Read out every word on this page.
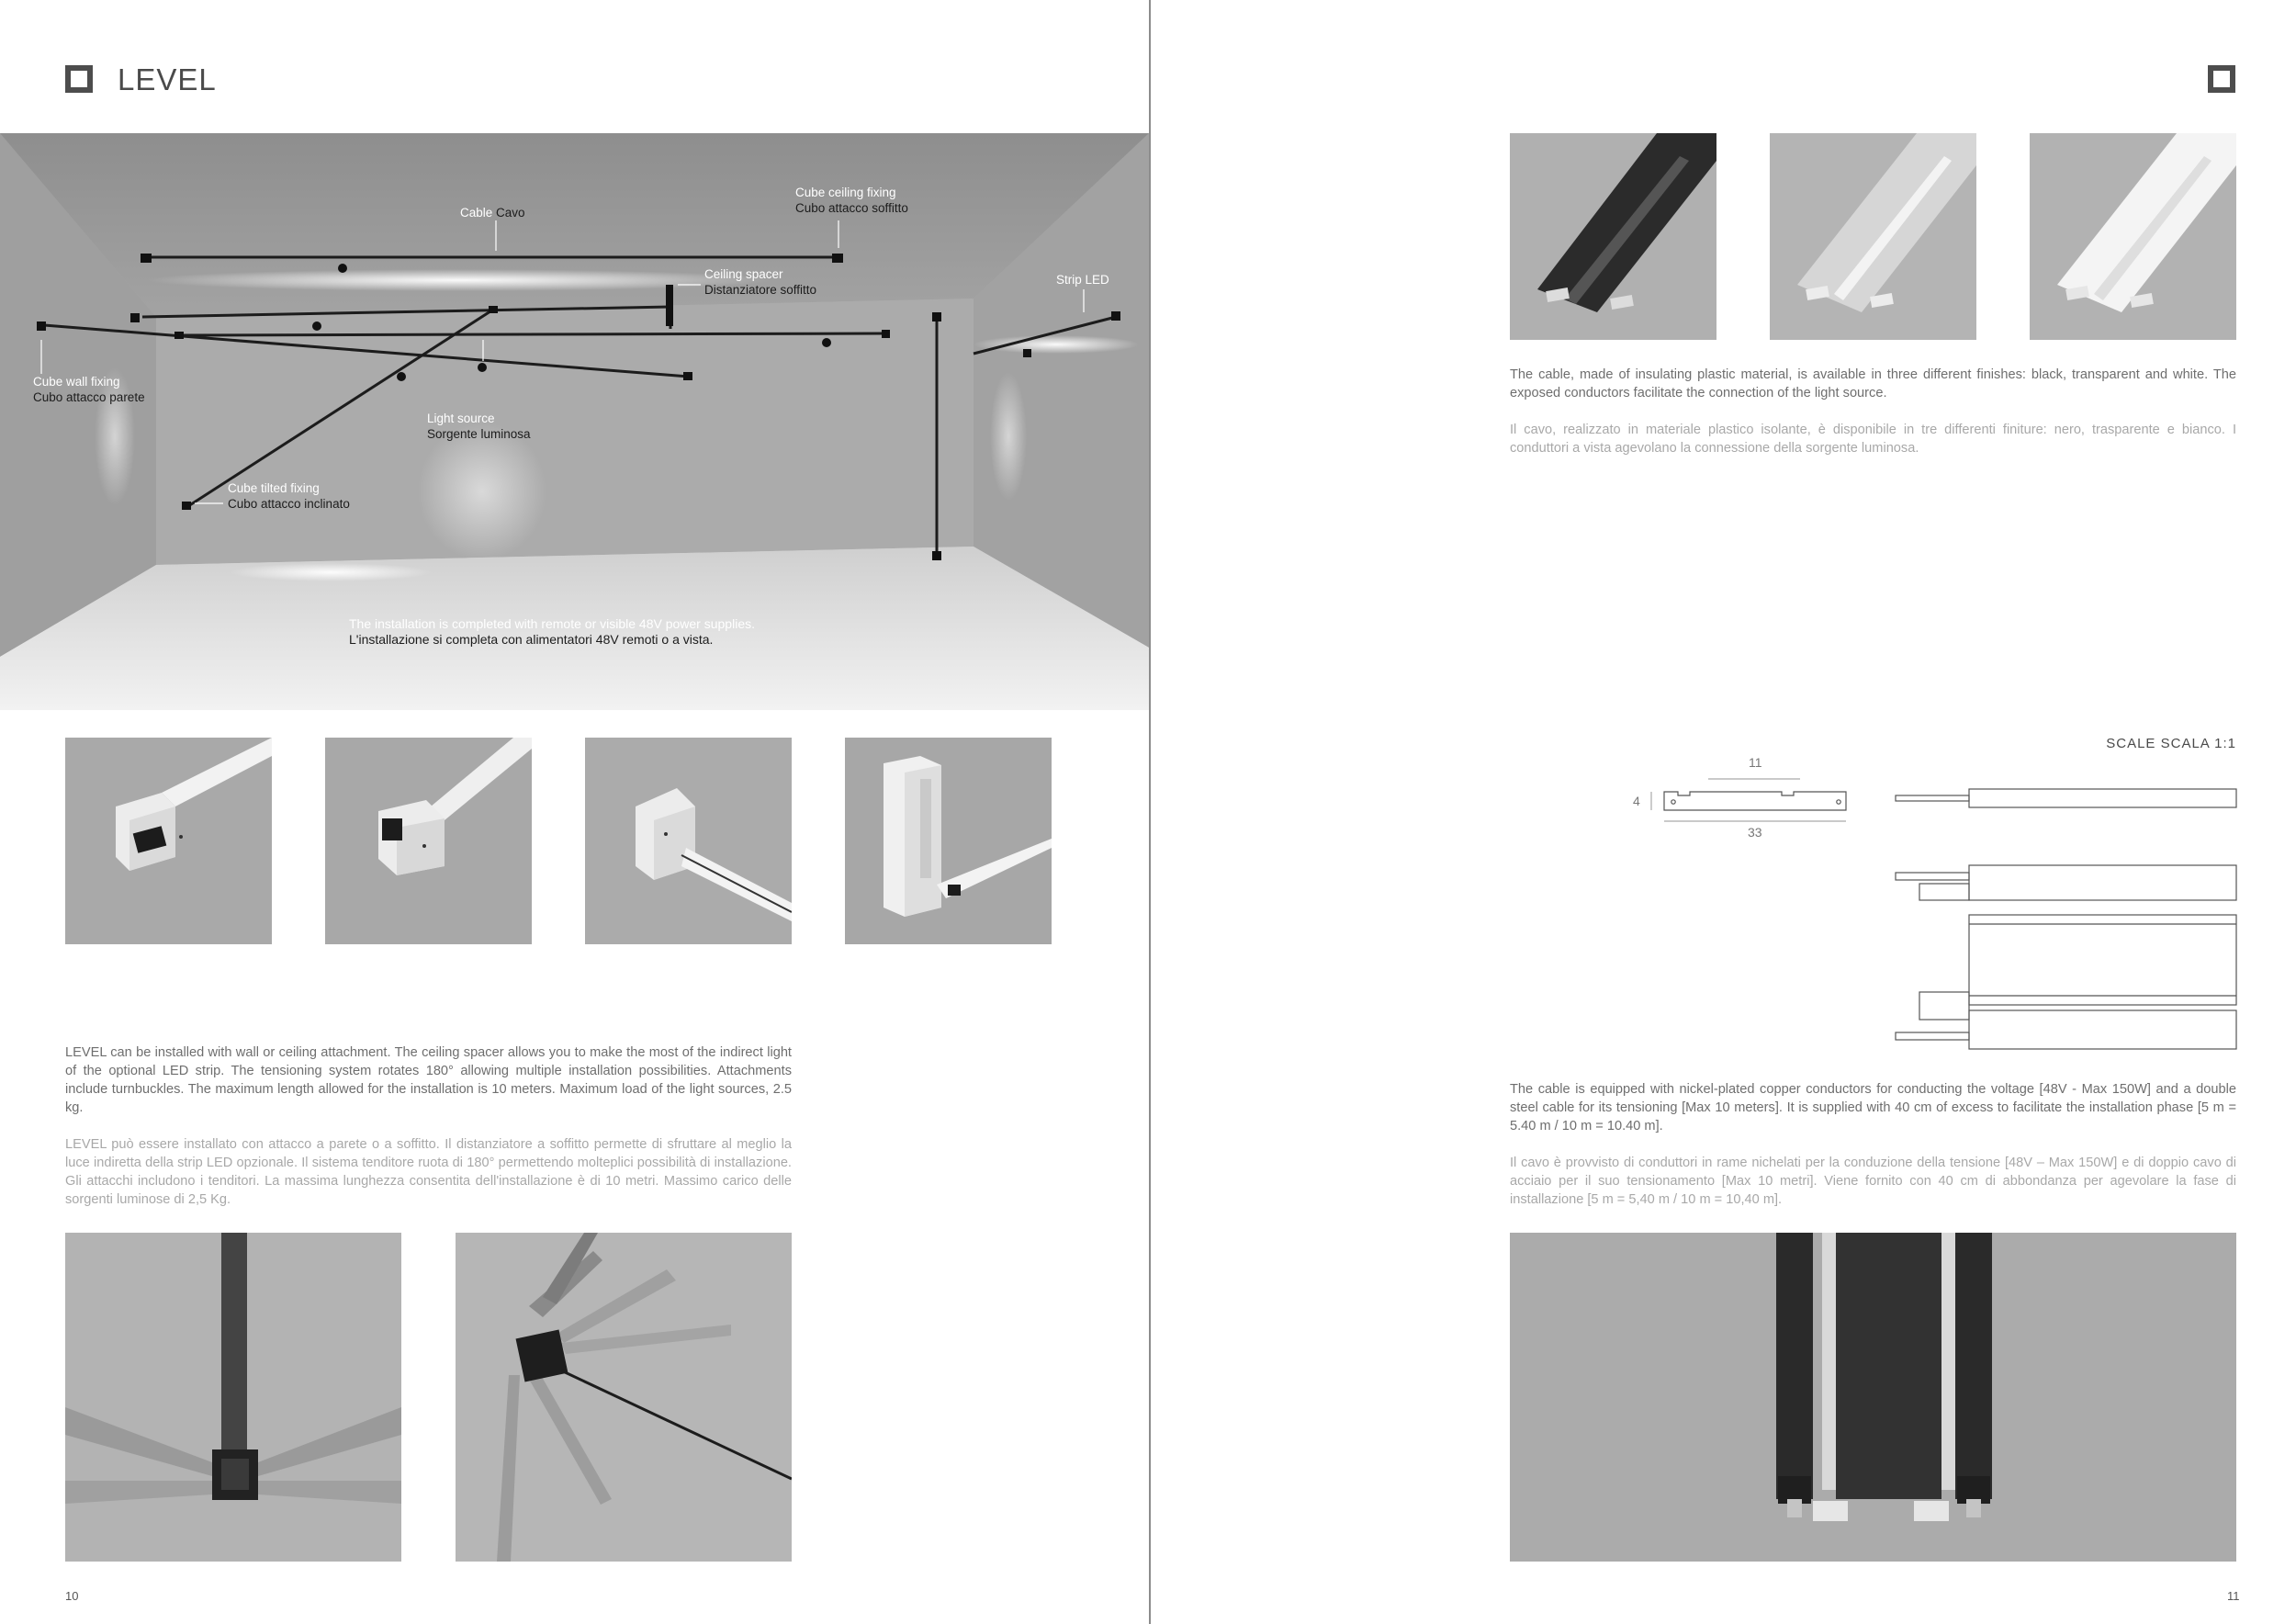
LEVEL
Cable Cavo
Cube ceiling fixing
Cubo attacco soffitto
Ceiling spacer
Distanziatore soffitto
Strip LED
Cube wall fixing
Cubo attacco parete
Light source
Sorgente luminosa
Cube tilted fixing
Cubo attacco inclinato
The installation is completed with remote or visible 48V power supplies.
L'installazione si completa con alimentatori 48V remoti o a vista.

LEVEL can be installed with wall or ceiling attachment. The ceiling spacer allows you to make the most of the indirect light of the optional LED strip. The tensioning system rotates 180° allowing multiple installation possibilities. Attachments include turnbuckles. The maximum length allowed for the installation is 10 meters. Maximum load of the light sources, 2.5 kg.

LEVEL può essere installato con attacco a parete o a soffitto. Il distanziatore a soffitto permette di sfruttare al meglio la luce indiretta della strip LED opzionale. Il sistema tenditore ruota di 180° permettendo molteplici possibilità di installazione. Gli attacchi includono i tenditori. La massima lunghezza consentita dell'installazione è di 10 metri. Massimo carico delle sorgenti luminose di 2,5 Kg.

10

The cable, made of insulating plastic material, is available in three different finishes: black, transparent and white. The exposed conductors facilitate the connection of the light source.

Il cavo, realizzato in materiale plastico isolante, è disponibile in tre differenti finiture: nero, trasparente e bianco. I conduttori a vista agevolano la connessione della sorgente luminosa.

SCALE SCALA 1:1
11
4
33

The cable is equipped with nickel-plated copper conductors for conducting the voltage [48V - Max 150W] and a double steel cable for its tensioning [Max 10 meters]. It is supplied with 40 cm of excess to facilitate the installation phase [5 m = 5.40 m / 10 m = 10.40 m].

Il cavo è provvisto di conduttori in rame nichelati per la conduzione della tensione [48V – Max 150W] e di doppio cavo di acciaio per il suo tensionamento [Max 10 metri]. Viene fornito con 40 cm di abbondanza per agevolare la fase di installazione [5 m = 5,40 m / 10 m = 10,40 m].

11
